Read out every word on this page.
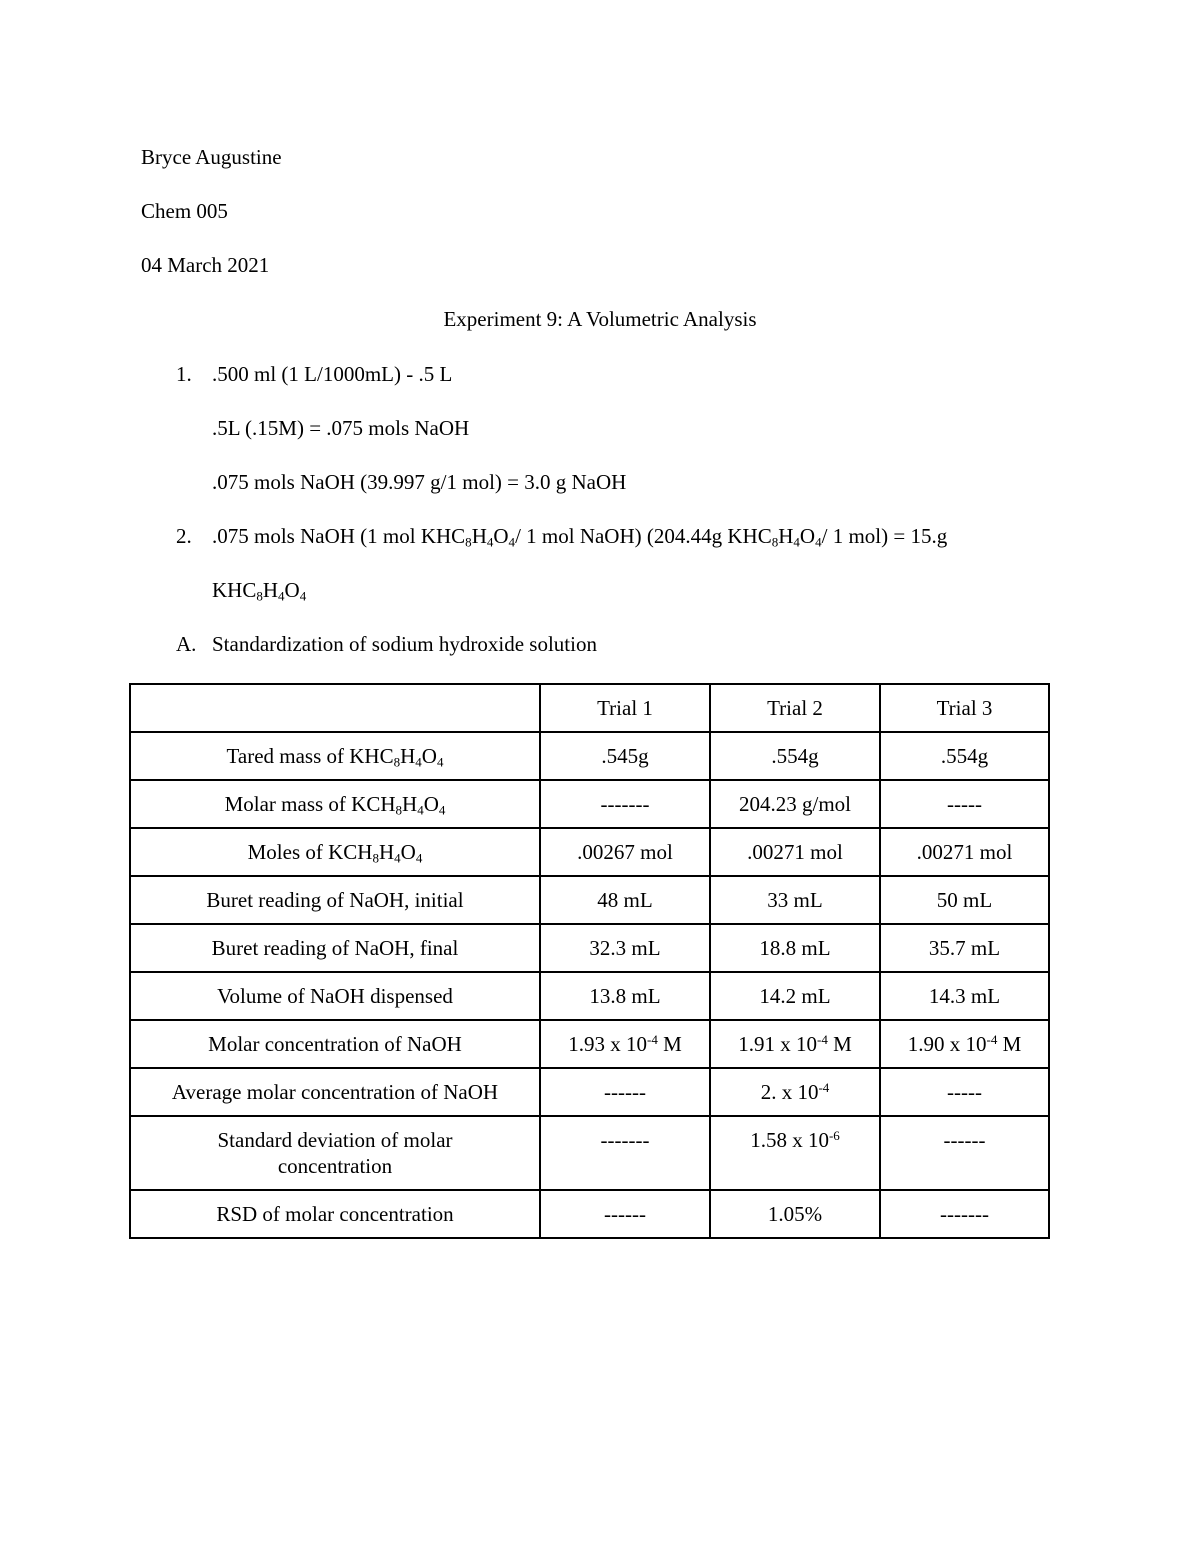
Bryce Augustine
Chem 005
04 March 2021
Experiment 9: A Volumetric Analysis
1. .500 ml (1 L/1000mL) - .5 L
.5L (.15M) = .075 mols NaOH
.075 mols NaOH (39.997 g/1 mol) = 3.0 g NaOH
2. .075 mols NaOH (1 mol $KHC_8H_4O_4/$ 1 mol NaOH) (204.44g $KHC_8H_4O_4/$ 1 mol) = 15.g
$KHC_8H_4O_4$
A. Standardization of sodium hydroxide solution
	Trial 1	Trial 2	Trial 3
Tared mass of $KHC_8H_4O_4$	.545g	.554g	.554g
Molar mass of $KCH_8H_4O_4$	-------	204.23 g/mol	-----
Moles of $KCH_8H_4O_4$	.00267 mol	.00271 mol	.00271 mol
Buret reading of NaOH, initial	48 mL	33 mL	50 mL
Buret reading of NaOH, final	32.3 mL	18.8 mL	35.7 mL
Volume of NaOH dispensed	13.8 mL	14.2 mL	14.3 mL
Molar concentration of NaOH	1.93 x $10^{-4}$ M	1.91 x $10^{-4}$ M	1.90 x $10^{-4}$ M
Average molar concentration of NaOH	------	2. x $10^{-4}$	-----
Standard deviation of molar concentration	-------	1.58 x $10^{-6}$	------
RSD of molar concentration	------	1.05%	-------
